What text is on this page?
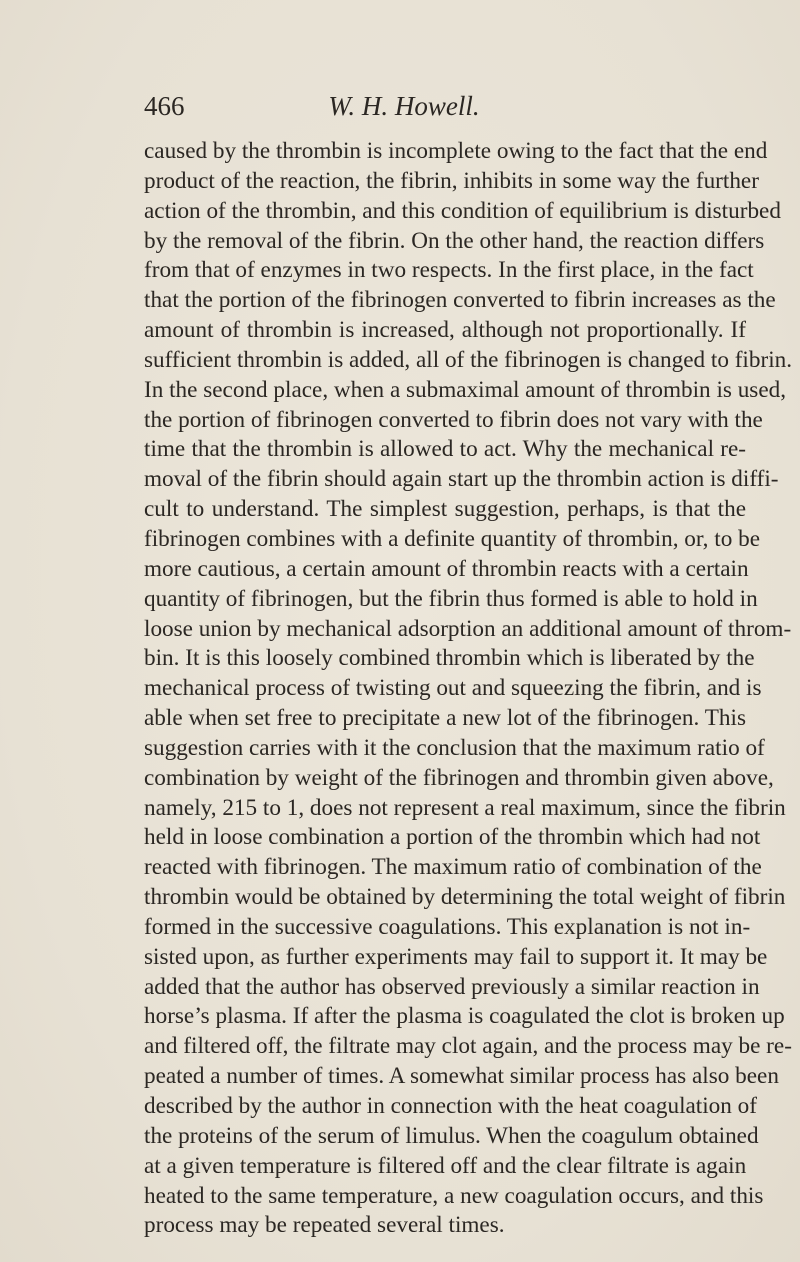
466	W. H. Howell.
caused by the thrombin is incomplete owing to the fact that the end
product of the reaction, the fibrin, inhibits in some way the further
action of the thrombin, and this condition of equilibrium is disturbed
by the removal of the fibrin. On the other hand, the reaction differs
from that of enzymes in two respects. In the first place, in the fact
that the portion of the fibrinogen converted to fibrin increases as the
amount of thrombin is increased, although not proportionally. If
sufficient thrombin is added, all of the fibrinogen is changed to fibrin.
In the second place, when a submaximal amount of thrombin is used,
the portion of fibrinogen converted to fibrin does not vary with the
time that the thrombin is allowed to act. Why the mechanical re-
moval of the fibrin should again start up the thrombin action is diffi-
cult to understand. The simplest suggestion, perhaps, is that the
fibrinogen combines with a definite quantity of thrombin, or, to be
more cautious, a certain amount of thrombin reacts with a certain
quantity of fibrinogen, but the fibrin thus formed is able to hold in
loose union by mechanical adsorption an additional amount of throm-
bin. It is this loosely combined thrombin which is liberated by the
mechanical process of twisting out and squeezing the fibrin, and is
able when set free to precipitate a new lot of the fibrinogen. This
suggestion carries with it the conclusion that the maximum ratio of
combination by weight of the fibrinogen and thrombin given above,
namely, 215 to 1, does not represent a real maximum, since the fibrin
held in loose combination a portion of the thrombin which had not
reacted with fibrinogen. The maximum ratio of combination of the
thrombin would be obtained by determining the total weight of fibrin
formed in the successive coagulations. This explanation is not in-
sisted upon, as further experiments may fail to support it. It may be
added that the author has observed previously a similar reaction in
horse’s plasma. If after the plasma is coagulated the clot is broken up
and filtered off, the filtrate may clot again, and the process may be re-
peated a number of times. A somewhat similar process has also been
described by the author in connection with the heat coagulation of
the proteins of the serum of limulus. When the coagulum obtained
at a given temperature is filtered off and the clear filtrate is again
heated to the same temperature, a new coagulation occurs, and this
process may be repeated several times.
